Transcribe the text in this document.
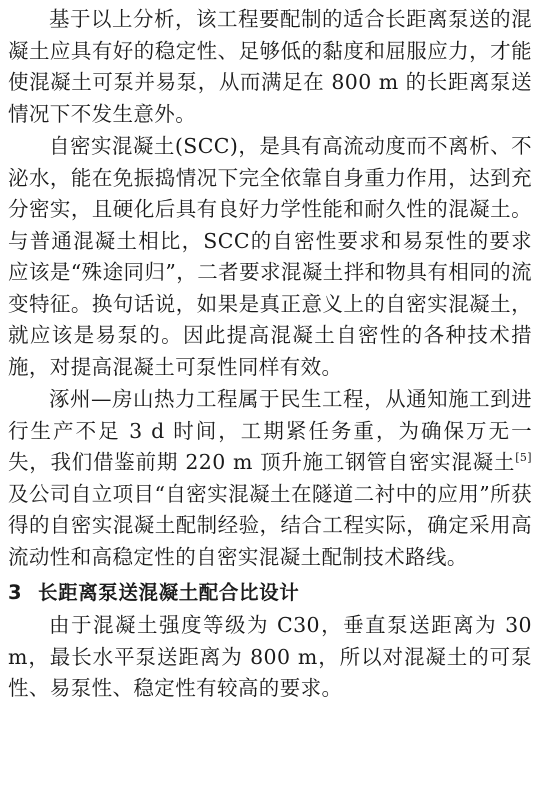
基于以上分析，该工程要配制的适合长距离泵送的混凝土应具有好的稳定性、足够低的黏度和屈服应力，才能使混凝土可泵并易泵，从而满足在 800 m 的长距离泵送情况下不发生意外。

自密实混凝土(SCC)，是具有高流动度而不离析、不泌水，能在免振捣情况下完全依靠自身重力作用，达到充分密实，且硬化后具有良好力学性能和耐久性的混凝土。与普通混凝土相比，SCC的自密性要求和易泵性的要求应该是“殊途同归”，二者要求混凝土拌和物具有相同的流变特征。换句话说，如果是真正意义上的自密实混凝土，就应该是易泵的。因此提高混凝土自密性的各种技术措施，对提高混凝土可泵性同样有效。

涿州—房山热力工程属于民生工程，从通知施工到进行生产不足 3 d 时间，工期紧任务重，为确保万无一失，我们借鉴前期 220 m 顶升施工钢管自密实混凝土[5]及公司自立项目“自密实混凝土在隧道二衬中的应用”所获得的自密实混凝土配制经验，结合工程实际，确定采用高流动性和高稳定性的自密实混凝土配制技术路线。

3 长距离泵送混凝土配合比设计

由于混凝土强度等级为 C30，垂直泵送距离为 30 m，最长水平泵送距离为 800 m，所以对混凝土的可泵性、易泵性、稳定性有较高的要求。
